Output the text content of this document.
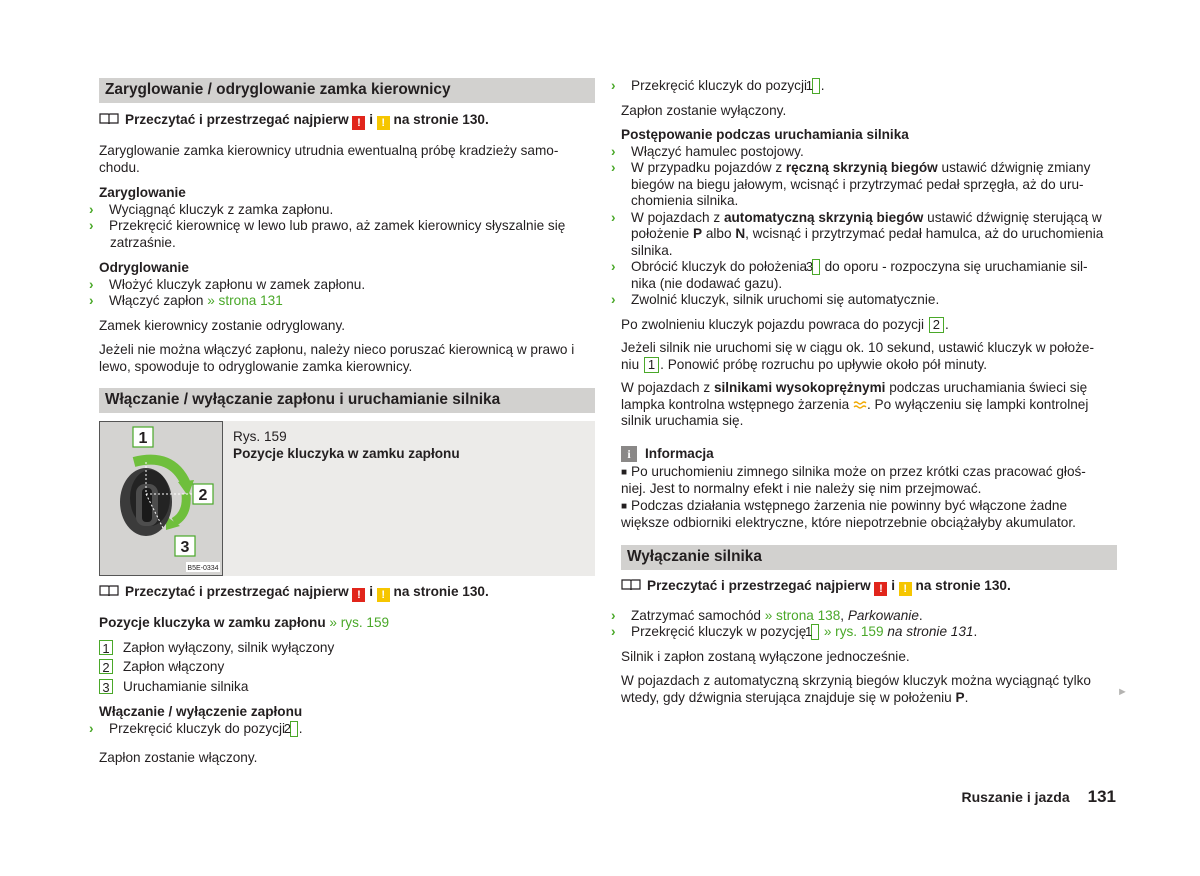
Zaryglowanie / odryglowanie zamka kierownicy
Przeczytać i przestrzegać najpierw ! i ! na stronie 130.
Zaryglowanie zamka kierownicy utrudnia ewentualną próbę kradzieży samo-
chodu.
Zaryglowanie
› Wyciągnąć kluczyk z zamka zapłonu.
› Przekręcić kierownicę w lewo lub prawo, aż zamek kierownicy słyszalnie się
zatrzaśnie.
Odryglowanie
› Włożyć kluczyk zapłonu w zamek zapłonu.
› Włączyć zapłon » strona 131
Zamek kierownicy zostanie odryglowany.
Jeżeli nie można włączyć zapłonu, należy nieco poruszać kierownicą w prawo i
lewo, spowoduje to odryglowanie zamka kierownicy.
Włączanie / wyłączanie zapłonu i uruchamianie silnika
1
2
3
B5E-0334
Rys. 159
Pozycje kluczyka w zamku zapłonu
Przeczytać i przestrzegać najpierw ! i ! na stronie 130.
Pozycje kluczyka w zamku zapłonu » rys. 159
1 Zapłon wyłączony, silnik wyłączony
2 Zapłon włączony
3 Uruchamianie silnika
Włączanie / wyłączenie zapłonu
› Przekręcić kluczyk do pozycji 2 .
Zapłon zostanie włączony.
› Przekręcić kluczyk do pozycji 1 .
Zapłon zostanie wyłączony.
Postępowanie podczas uruchamiania silnika
› Włączyć hamulec postojowy.
› W przypadku pojazdów z ręczną skrzynią biegów ustawić dźwignię zmiany
biegów na biegu jałowym, wcisnąć i przytrzymać pedał sprzęgła, aż do uru-
chomienia silnika.
› W pojazdach z automatyczną skrzynią biegów ustawić dźwignię sterującą w
położenie P albo N, wcisnąć i przytrzymać pedał hamulca, aż do uruchomienia
silnika.
› Obrócić kluczyk do położenia 3 do oporu - rozpoczyna się uruchamianie sil-
nika (nie dodawać gazu).
› Zwolnić kluczyk, silnik uruchomi się automatycznie.
Po zwolnieniu kluczyk pojazdu powraca do pozycji 2 .
Jeżeli silnik nie uruchomi się w ciągu ok. 10 sekund, ustawić kluczyk w położe-
niu 1 . Ponowić próbę rozruchu po upływie około pół minuty.
W pojazdach z silnikami wysokoprężnymi podczas uruchamiania świeci się
lampka kontrolna wstępnego żarzenia . Po wyłączeniu się lampki kontrolnej
silnik uruchamia się.
i	Informacja
■ Po uruchomieniu zimnego silnika może on przez krótki czas pracować głoś-
niej. Jest to normalny efekt i nie należy się nim przejmować.
■ Podczas działania wstępnego żarzenia nie powinny być włączone żadne
większe odbiorniki elektryczne, które niepotrzebnie obciążałyby akumulator.
Wyłączanie silnika
Przeczytać i przestrzegać najpierw ! i ! na stronie 130.
› Zatrzymać samochód » strona 138, Parkowanie.
› Przekręcić kluczyk w pozycję 1 » rys. 159 na stronie 131.
Silnik i zapłon zostaną wyłączone jednocześnie.
W pojazdach z automatyczną skrzynią biegów kluczyk można wyciągnąć tylko
wtedy, gdy dźwignia sterująca znajduje się w położeniu P.	►
Ruszanie i jazda 131
